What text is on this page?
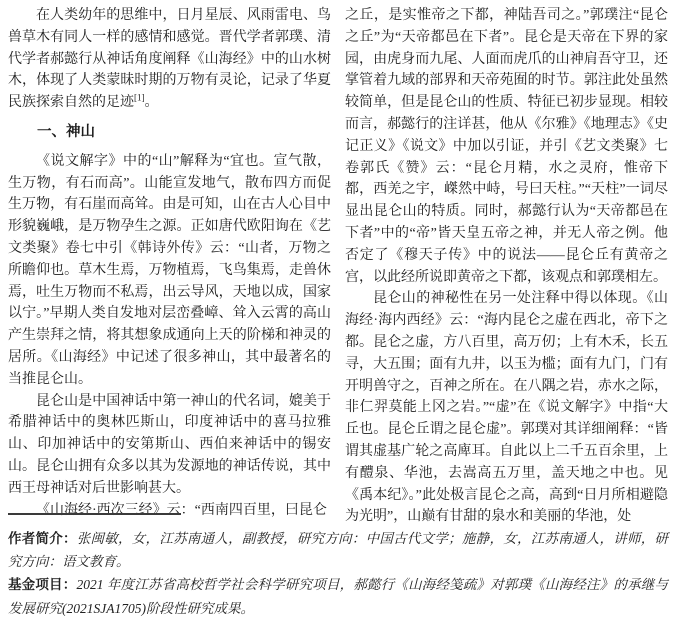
在人类幼年的思维中，日月星辰、风雨雷电、鸟兽草木有同人一样的感情和感觉。晋代学者郭璞、清代学者郝懿行从神话角度阐释《山海经》中的山水树木，体现了人类蒙昧时期的万物有灵论，记录了华夏民族探索自然的足迹[1]。

一、神山

《说文解字》中的“山”解释为“宜也。宣气散，生万物，有石而高”。山能宣发地气，散布四方而促生万物，有石崖而高耸。由是可知，山在古人心目中形貌巍峨，是万物孕生之源。正如唐代欧阳询在《艺文类聚》卷七中引《韩诗外传》云：“山者，万物之所瞻仰也。草木生焉，万物植焉，飞鸟集焉，走兽休焉，吐生万物而不私焉，出云导风，天地以成，国家以宁。”早期人类自发地对层峦叠嶂、耸入云霄的高山产生崇拜之情，将其想象成通向上天的阶梯和神灵的居所。《山海经》中记述了很多神山，其中最著名的当推昆仑山。

昆仑山是中国神话中第一神山的代名词，媲美于希腊神话中的奥林匹斯山，印度神话中的喜马拉雅山、印加神话中的安第斯山、西伯来神话中的锡安山。昆仑山拥有众多以其为发源地的神话传说，其中西王母神话对后世影响甚大。

《山海经·西次三经》云：“西南四百里，曰昆仑

之丘，是实惟帝之下都，神陆吾司之。”郭璞注“昆仑之丘”为“天帝都邑在下者”。昆仑是天帝在下界的家园，由虎身而九尾、人面而虎爪的山神肩吾守卫，还掌管着九域的部界和天帝苑囿的时节。郭注此处虽然较简单，但是昆仑山的性质、特征已初步显现。相较而言，郝懿行的注详甚，他从《尔雅》《地理志》《史记正义》《说文》中加以引证，并引《艺文类聚》七卷郭氏《赞》云：“昆仑月精，水之灵府，惟帝下都，西羌之宇，嵥然中峙，号曰天柱。”“天柱”一词尽显出昆仑山的特质。同时，郝懿行认为“天帝都邑在下者”中的“帝”皆天皇五帝之神，并无人帝之例。他否定了《穆天子传》中的说法——昆仑丘有黄帝之宫，以此经所说即黄帝之下都，该观点和郭璞相左。

昆仑山的神秘性在另一处注释中得以体现。《山海经·海内西经》云：“海内昆仑之虚在西北，帝下之都。昆仑之虚，方八百里，高万仞；上有木禾，长五寻，大五围；面有九井，以玉为槛；面有九门，门有开明兽守之，百神之所在。在八隅之岩，赤水之际，非仁羿莫能上冈之岩。”“虚”在《说文解字》中指“大丘也。昆仑丘谓之昆仑虚”。郭璞对其详细阐释：“皆谓其虚基广轮之高庳耳。自此以上二千五百余里，上有醴泉、华池，去嵩高五万里，盖天地之中也。见《禹本纪》。”此处极言昆仑之高，高到“日月所相避隐为光明”，山巅有甘甜的泉水和美丽的华池，处

作者简介：张闽敏，女，江苏南通人，副教授，研究方向：中国古代文学；施静，女，江苏南通人，讲师，研究方向：语文教育。

基金项目：2021 年度江苏省高校哲学社会科学研究项目，郝懿行《山海经笺疏》对郭璞《山海经注》的承继与发展研究(2021SJA1705)阶段性研究成果。
